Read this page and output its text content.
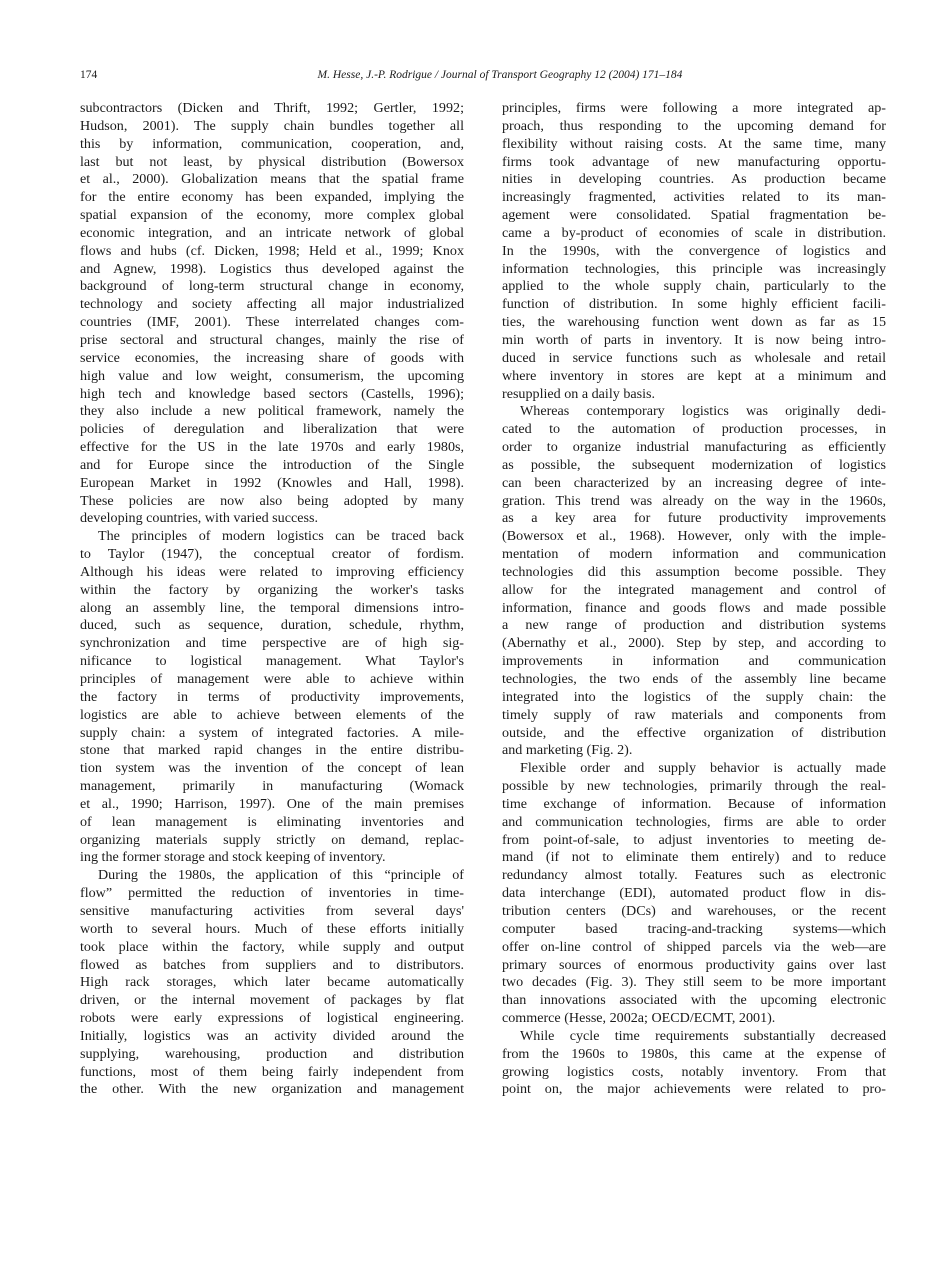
174	M. Hesse, J.-P. Rodrigue / Journal of Transport Geography 12 (2004) 171–184
subcontractors (Dicken and Thrift, 1992; Gertler, 1992;
Hudson, 2001). The supply chain bundles together all
this by information, communication, cooperation, and,
last but not least, by physical distribution (Bowersox
et al., 2000). Globalization means that the spatial frame
for the entire economy has been expanded, implying the
spatial expansion of the economy, more complex global
economic integration, and an intricate network of global
flows and hubs (cf. Dicken, 1998; Held et al., 1999; Knox
and Agnew, 1998). Logistics thus developed against the
background of long-term structural change in economy,
technology and society affecting all major industrialized
countries (IMF, 2001). These interrelated changes com-
prise sectoral and structural changes, mainly the rise of
service economies, the increasing share of goods with
high value and low weight, consumerism, the upcoming
high tech and knowledge based sectors (Castells, 1996);
they also include a new political framework, namely the
policies of deregulation and liberalization that were
effective for the US in the late 1970s and early 1980s,
and for Europe since the introduction of the Single
European Market in 1992 (Knowles and Hall, 1998).
These policies are now also being adopted by many
developing countries, with varied success.
The principles of modern logistics can be traced back
to Taylor (1947), the conceptual creator of fordism.
Although his ideas were related to improving efficiency
within the factory by organizing the worker's tasks
along an assembly line, the temporal dimensions intro-
duced, such as sequence, duration, schedule, rhythm,
synchronization and time perspective are of high sig-
nificance to logistical management. What Taylor's
principles of management were able to achieve within
the factory in terms of productivity improvements,
logistics are able to achieve between elements of the
supply chain: a system of integrated factories. A mile-
stone that marked rapid changes in the entire distribu-
tion system was the invention of the concept of lean
management, primarily in manufacturing (Womack
et al., 1990; Harrison, 1997). One of the main premises
of lean management is eliminating inventories and
organizing materials supply strictly on demand, replac-
ing the former storage and stock keeping of inventory.
During the 1980s, the application of this “principle of
flow” permitted the reduction of inventories in time-
sensitive manufacturing activities from several days'
worth to several hours. Much of these efforts initially
took place within the factory, while supply and output
flowed as batches from suppliers and to distributors.
High rack storages, which later became automatically
driven, or the internal movement of packages by flat
robots were early expressions of logistical engineering.
Initially, logistics was an activity divided around the
supplying, warehousing, production and distribution
functions, most of them being fairly independent from
the other. With the new organization and management
principles, firms were following a more integrated ap-
proach, thus responding to the upcoming demand for
flexibility without raising costs. At the same time, many
firms took advantage of new manufacturing opportu-
nities in developing countries. As production became
increasingly fragmented, activities related to its man-
agement were consolidated. Spatial fragmentation be-
came a by-product of economies of scale in distribution.
In the 1990s, with the convergence of logistics and
information technologies, this principle was increasingly
applied to the whole supply chain, particularly to the
function of distribution. In some highly efficient facili-
ties, the warehousing function went down as far as 15
min worth of parts in inventory. It is now being intro-
duced in service functions such as wholesale and retail
where inventory in stores are kept at a minimum and
resupplied on a daily basis.
Whereas contemporary logistics was originally dedi-
cated to the automation of production processes, in
order to organize industrial manufacturing as efficiently
as possible, the subsequent modernization of logistics
can been characterized by an increasing degree of inte-
gration. This trend was already on the way in the 1960s,
as a key area for future productivity improvements
(Bowersox et al., 1968). However, only with the imple-
mentation of modern information and communication
technologies did this assumption become possible. They
allow for the integrated management and control of
information, finance and goods flows and made possible
a new range of production and distribution systems
(Abernathy et al., 2000). Step by step, and according to
improvements in information and communication
technologies, the two ends of the assembly line became
integrated into the logistics of the supply chain: the
timely supply of raw materials and components from
outside, and the effective organization of distribution
and marketing (Fig. 2).
Flexible order and supply behavior is actually made
possible by new technologies, primarily through the real-
time exchange of information. Because of information
and communication technologies, firms are able to order
from point-of-sale, to adjust inventories to meeting de-
mand (if not to eliminate them entirely) and to reduce
redundancy almost totally. Features such as electronic
data interchange (EDI), automated product flow in dis-
tribution centers (DCs) and warehouses, or the recent
computer based tracing-and-tracking systems—which
offer on-line control of shipped parcels via the web—are
primary sources of enormous productivity gains over last
two decades (Fig. 3). They still seem to be more important
than innovations associated with the upcoming electronic
commerce (Hesse, 2002a; OECD/ECMT, 2001).
While cycle time requirements substantially decreased
from the 1960s to 1980s, this came at the expense of
growing logistics costs, notably inventory. From that
point on, the major achievements were related to pro-
